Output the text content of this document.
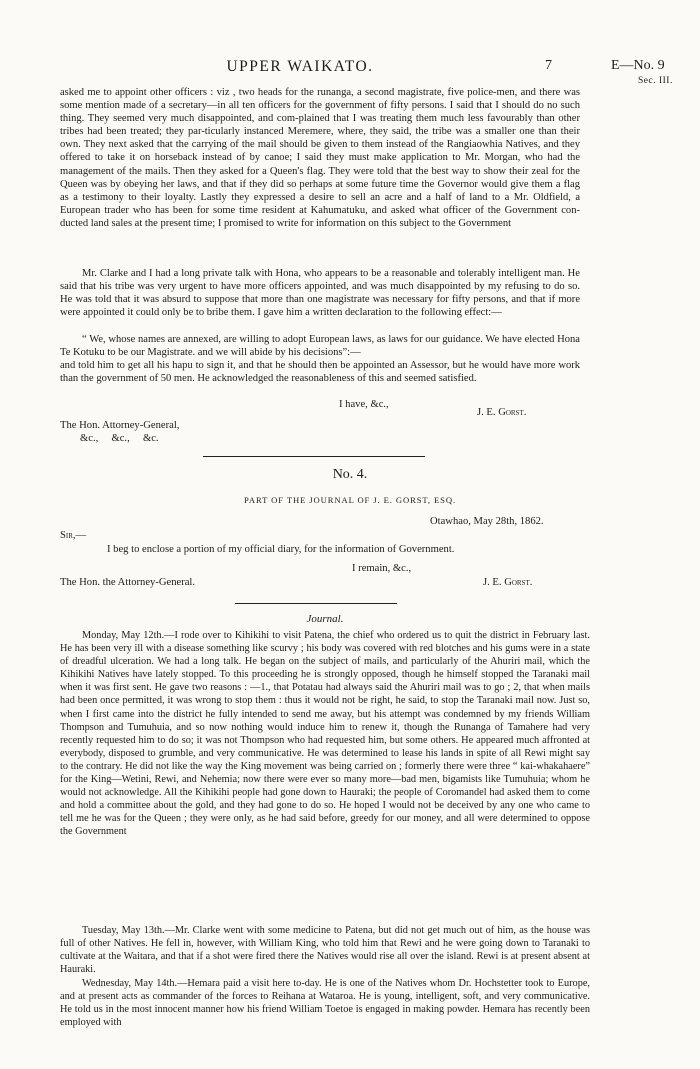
UPPER WAIKATO.	7	E—No. 9
Sec. III.

asked me to appoint other officers : viz , two heads for the runanga, a second magistrate, five police-men, and there was some mention made of a secretary—in all ten officers for the government of fifty persons. I said that I should do no such thing. They seemed very much disappointed, and com-plained that I was treating them much less favourably than other tribes had been treated; they par-ticularly instanced Meremere, where, they said, the tribe was a smaller one than their own. They next asked that the carrying of the mail should be given to them instead of the Rangiaowhia Natives, and they offered to take it on horseback instead of by canoe; I said they must make application to Mr. Morgan, who had the management of the mails. Then they asked for a Queen's flag. They were told that the best way to show their zeal for the Queen was by obeying her laws, and that if they did so perhaps at some future time the Governor would give them a flag as a testimony to their loyalty. Lastly they expressed a desire to sell an acre and a half of land to a Mr. Oldfield, a European trader who has been for some time resident at Kahumatuku, and asked what officer of the Government con-ducted land sales at the present time; I promised to write for information on this subject to the Government

Mr. Clarke and I had a long private talk with Hona, who appears to be a reasonable and tolerably intelligent man. He said that his tribe was very urgent to have more officers appointed, and was much disappointed by my refusing to do so. He was told that it was absurd to suppose that more than one magistrate was necessary for fifty persons, and that if more were appointed it could only be to bribe them. I gave him a written declaration to the following effect:—

“ We, whose names are annexed, are willing to adopt European laws, as laws for our guidance. We have elected Hona Te Kotuku to be our Magistrate. and we will abide by his decisions”:—

and told him to get all his hapu to sign it, and that he should then be appointed an Assessor, but he would have more work than the government of 50 men. He acknowledged the reasonableness of this and seemed satisfied.

I have, &c.,
J. E. Gorst.
The Hon. Attorney-General,
&c.,     &c.,     &c.
No. 4.
PART OF THE JOURNAL OF J. E. GORST, ESQ.
Otawhao, May 28th, 1862.
Sir,—
I beg to enclose a portion of my official diary, for the information of Government.
I remain, &c.,
The Hon. the Attorney-General.	J. E. Gorst.
Journal.

Monday, May 12th.—I rode over to Kihikihi to visit Patena, the chief who ordered us to quit the district in February last. He has been very ill with a disease something like scurvy ; his body was covered with red blotches and his gums were in a state of dreadful ulceration. We had a long talk. He began on the subject of mails, and particularly of the Ahuriri mail, which the Kihikihi Natives have lately stopped. To this proceeding he is strongly opposed, though he himself stopped the Taranaki mail when it was first sent. He gave two reasons : —1., that Potatau had always said the Ahuriri mail was to go ; 2, that when mails had been once permitted, it was wrong to stop them : thus it would not be right, he said, to stop the Taranaki mail now. Just so, when I first came into the district he fully intended to send me away, but his attempt was condemned by my friends William Thompson and Tumuhuia, and so now nothing would induce him to renew it, though the Runanga of Tamahere had very recently requested him to do so; it was not Thompson who had requested him, but some others. He appeared much affronted at everybody, disposed to grumble, and very communicative. He was determined to lease his lands in spite of all Rewi might say to the contrary. He did not like the way the King movement was being carried on ; formerly there were three “ kai-whakahaere” for the King—Wetini, Rewi, and Nehemia; now there were ever so many more—bad men, bigamists like Tumuhuia; whom he would not acknowledge. All the Kihikihi people had gone down to Hauraki; the people of Coromandel had asked them to come and hold a committee about the gold, and they had gone to do so. He hoped I would not be deceived by any one who came to tell me he was for the Queen ; they were only, as he had said before, greedy for our money, and all were determined to oppose the Government

Tuesday, May 13th.—Mr. Clarke went with some medicine to Patena, but did not get much out of him, as the house was full of other Natives. He fell in, however, with William King, who told him that Rewi and he were going down to Taranaki to cultivate at the Waitara, and that if a shot were fired there the Natives would rise all over the island. Rewi is at present absent at Hauraki.

Wednesday, May 14th.—Hemara paid a visit here to-day. He is one of the Natives whom Dr. Hochstetter took to Europe, and at present acts as commander of the forces to Reihana at Wataroa. He is young, intelligent, soft, and very communicative. He told us in the most innocent manner how his friend William Toetoe is engaged in making powder. Hemara has recently been employed with
